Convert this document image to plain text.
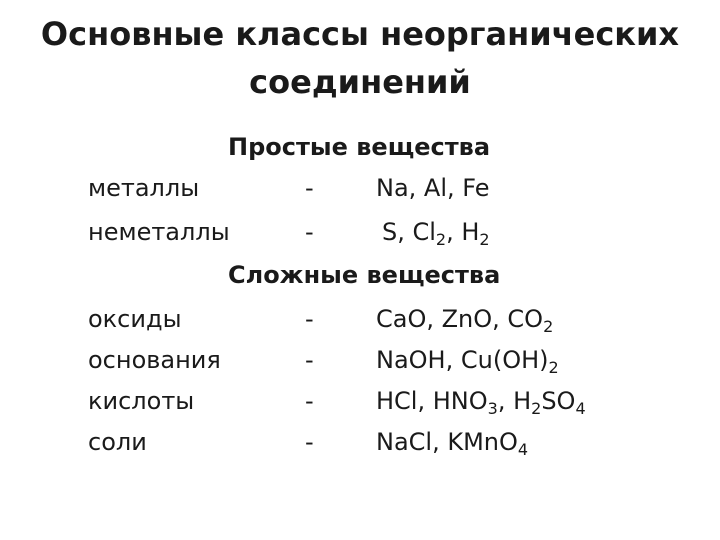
Основные классы неорганических
соединений
Простые вещества
металлы	-	Na, Al, Fe
неметаллы	-	S, $Cl_2$, $H_2$
Сложные вещества
оксиды	-	CaO, ZnO, $CO_2$
основания	-	NaOH, $Cu(OH)_2$
кислоты	-	HCl, $HNO_3$, $H_2SO_4$
соли	-	NaCl, KMnO$_4$
